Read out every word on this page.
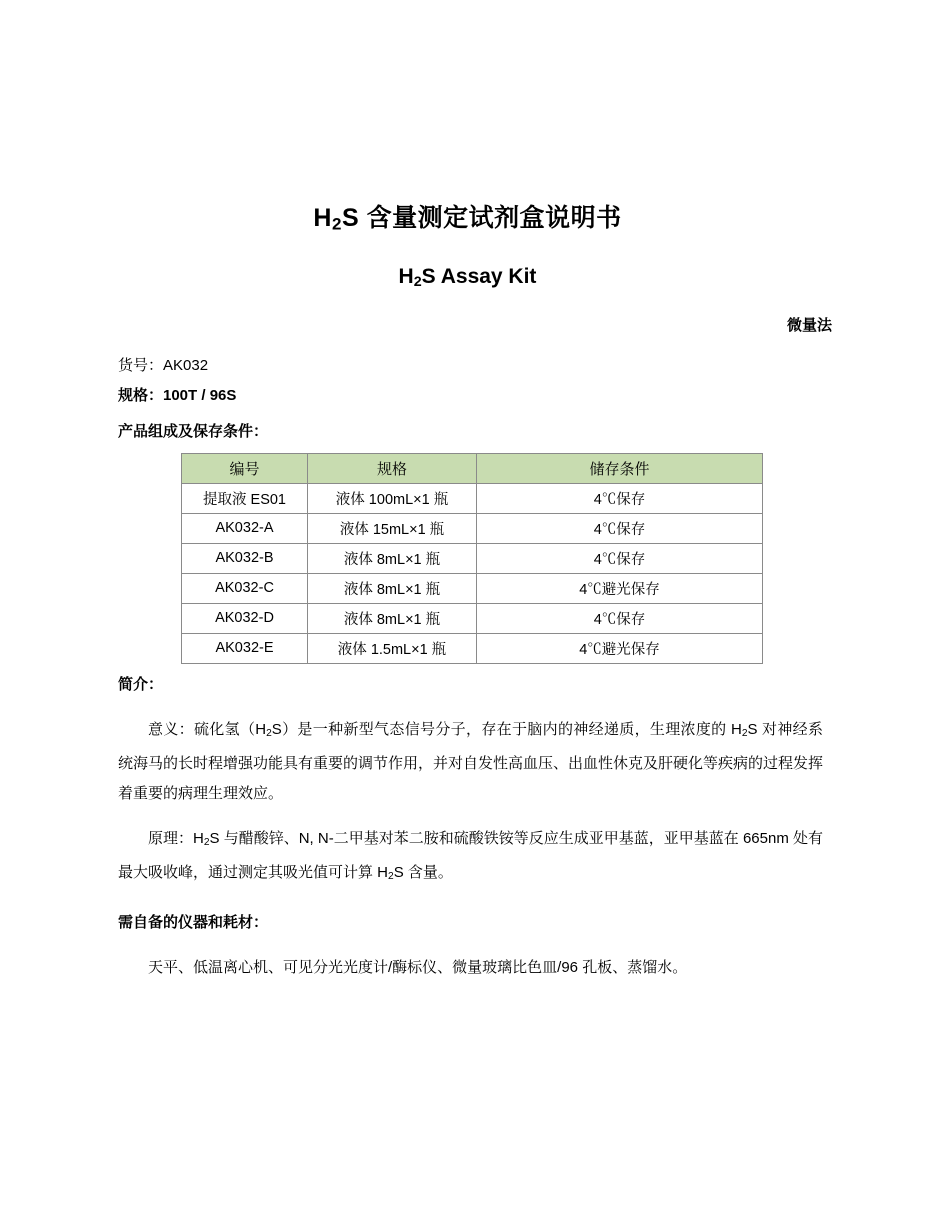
$H_2S$ 含量测定试剂盒说明书
$H_2S$ Assay Kit
微量法
货号：AK032
规格：100T / 96S
产品组成及保存条件：
编号	规格	储存条件
提取液 ES01	液体 100mL×1 瓶	4℃保存
AK032-A	液体 15mL×1 瓶	4℃保存
AK032-B	液体 8mL×1 瓶	4℃保存
AK032-C	液体 8mL×1 瓶	4℃避光保存
AK032-D	液体 8mL×1 瓶	4℃保存
AK032-E	液体 1.5mL×1 瓶	4℃避光保存
简介：

意义：硫化氢$(H_2S)$是一种新型气态信号分子，存在于脑内的神经递质，生理浓度的 $H_2S$ 对神经系统海马的长时程增强功能具有重要的调节作用，并对自发性高血压、出血性休克及肝硬化等疾病的过程发挥着重要的病理生理效应。

原理：$H_2S$ 与醋酸锌、N, N-二甲基对苯二胺和硫酸铁铵等反应生成亚甲基蓝，亚甲基蓝在 665nm 处有最大吸收峰，通过测定其吸光值可计算 $H_2S$ 含量。

需自备的仪器和耗材：

天平、低温离心机、可见分光光度计/酶标仪、微量玻璃比色皿/96 孔板、蒸馏水。
